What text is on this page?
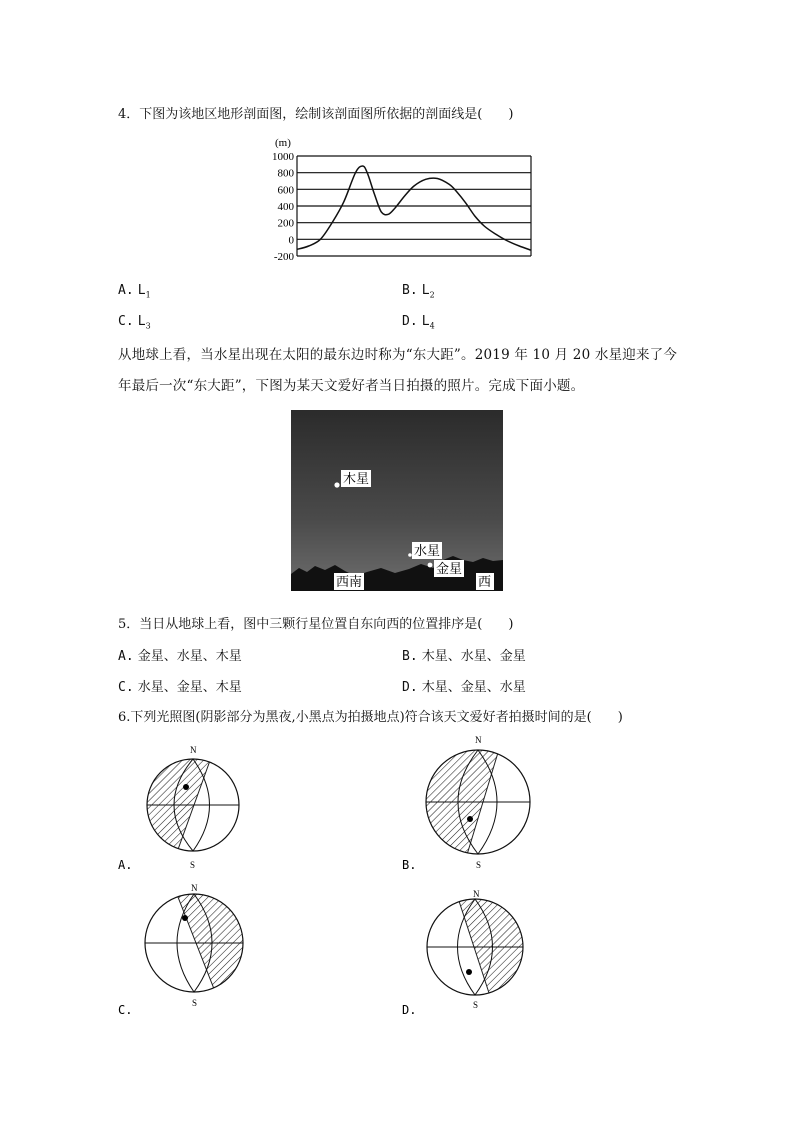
4．下图为该地区地形剖面图，绘制该剖面图所依据的剖面线是(　　)
(m)
-200
0
200
400
600
800
1000
A. $L_1$	B. $L_2$
C. $L_3$	D. $L_4$
从地球上看，当水星出现在太阳的最东边时称为“东大距”。2019 年 10 月 20 水星迎来了今
年最后一次“东大距”，下图为某天文爱好者当日拍摄的照片。完成下面小题。
木星
水星
金星
西南	西
5．当日从地球上看，图中三颗行星位置自东向西的位置排序是(　　)
A. 金星、水星、木星	B. 木星、水星、金星
C. 水星、金星、木星	D. 木星、金星、水星
6.下列光照图(阴影部分为黑夜,小黑点为拍摄地点)符合该天文爱好者拍摄时间的是(　　)
N
S
A.
N
S
B.
N
S
C.
N
S
D.
